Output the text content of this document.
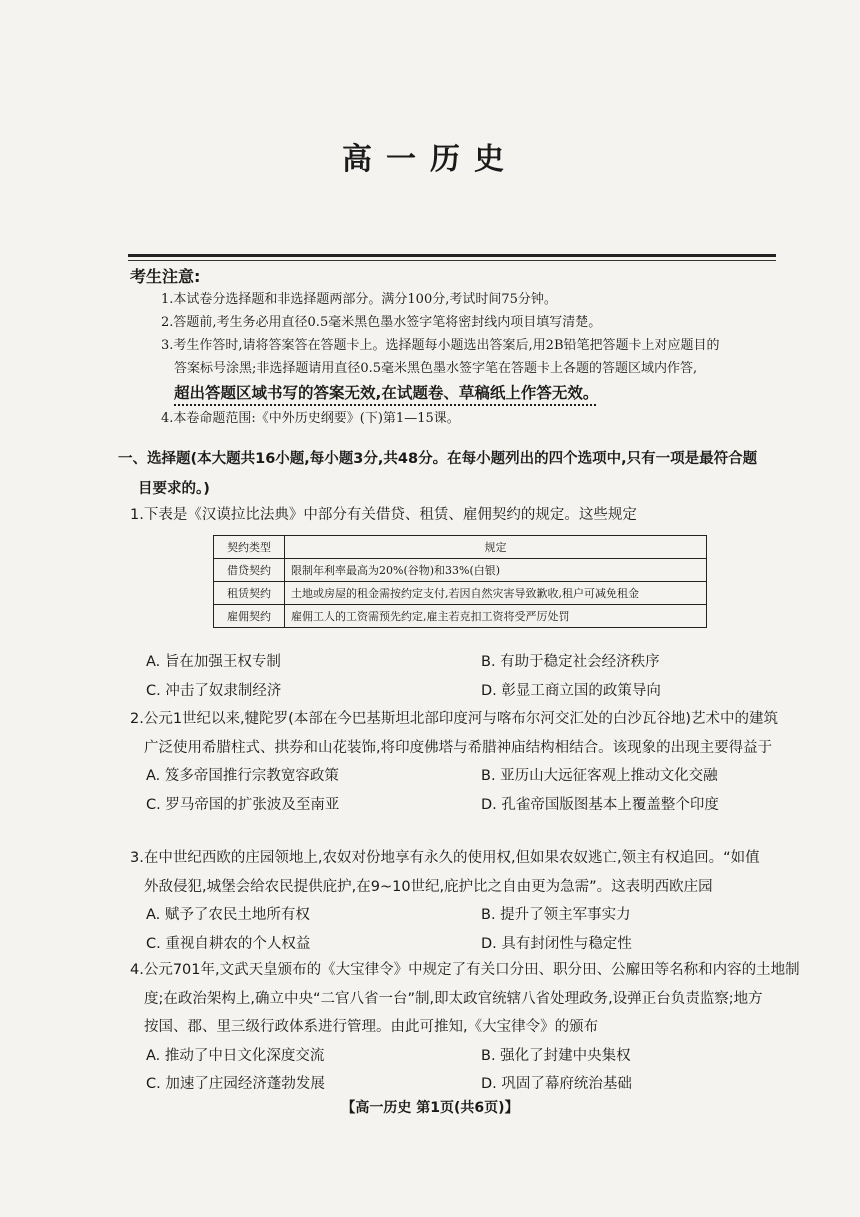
高一历史
考生注意:
1.本试卷分选择题和非选择题两部分。满分100分,考试时间75分钟。
2.答题前,考生务必用直径0.5毫米黑色墨水签字笔将密封线内项目填写清楚。
3.考生作答时,请将答案答在答题卡上。选择题每小题选出答案后,用2B铅笔把答题卡上对应题目的
答案标号涂黑;非选择题请用直径0.5毫米黑色墨水签字笔在答题卡上各题的答题区域内作答,
超出答题区域书写的答案无效,在试题卷、草稿纸上作答无效。
4.本卷命题范围:《中外历史纲要》(下)第1—15课。
一、选择题(本大题共16小题,每小题3分,共48分。在每小题列出的四个选项中,只有一项是最符合题
目要求的。)
1.下表是《汉谟拉比法典》中部分有关借贷、租赁、雇佣契约的规定。这些规定
契约类型	规定
借贷契约	限制年利率最高为20%(谷物)和33%(白银)
租赁契约	土地或房屋的租金需按约定支付,若因自然灾害导致歉收,租户可减免租金
雇佣契约	雇佣工人的工资需预先约定,雇主若克扣工资将受严厉处罚
A. 旨在加强王权专制	B. 有助于稳定社会经济秩序
C. 冲击了奴隶制经济	D. 彰显工商立国的政策导向
2.公元1世纪以来,犍陀罗(本部在今巴基斯坦北部印度河与喀布尔河交汇处的白沙瓦谷地)艺术中的建筑
广泛使用希腊柱式、拱券和山花装饰,将印度佛塔与希腊神庙结构相结合。该现象的出现主要得益于
A. 笈多帝国推行宗教宽容政策	B. 亚历山大远征客观上推动文化交融
C. 罗马帝国的扩张波及至南亚	D. 孔雀帝国版图基本上覆盖整个印度
3.在中世纪西欧的庄园领地上,农奴对份地享有永久的使用权,但如果农奴逃亡,领主有权追回。“如值
外敌侵犯,城堡会给农民提供庇护,在9~10世纪,庇护比之自由更为急需”。这表明西欧庄园
A. 赋予了农民土地所有权	B. 提升了领主军事实力
C. 重视自耕农的个人权益	D. 具有封闭性与稳定性
4.公元701年,文武天皇颁布的《大宝律令》中规定了有关口分田、职分田、公廨田等名称和内容的土地制
度;在政治架构上,确立中央“二官八省一台”制,即太政官统辖八省处理政务,设弹正台负责监察;地方
按国、郡、里三级行政体系进行管理。由此可推知,《大宝律令》的颁布
A. 推动了中日文化深度交流	B. 强化了封建中央集权
C. 加速了庄园经济蓬勃发展	D. 巩固了幕府统治基础
【高一历史 第1页(共6页)】
